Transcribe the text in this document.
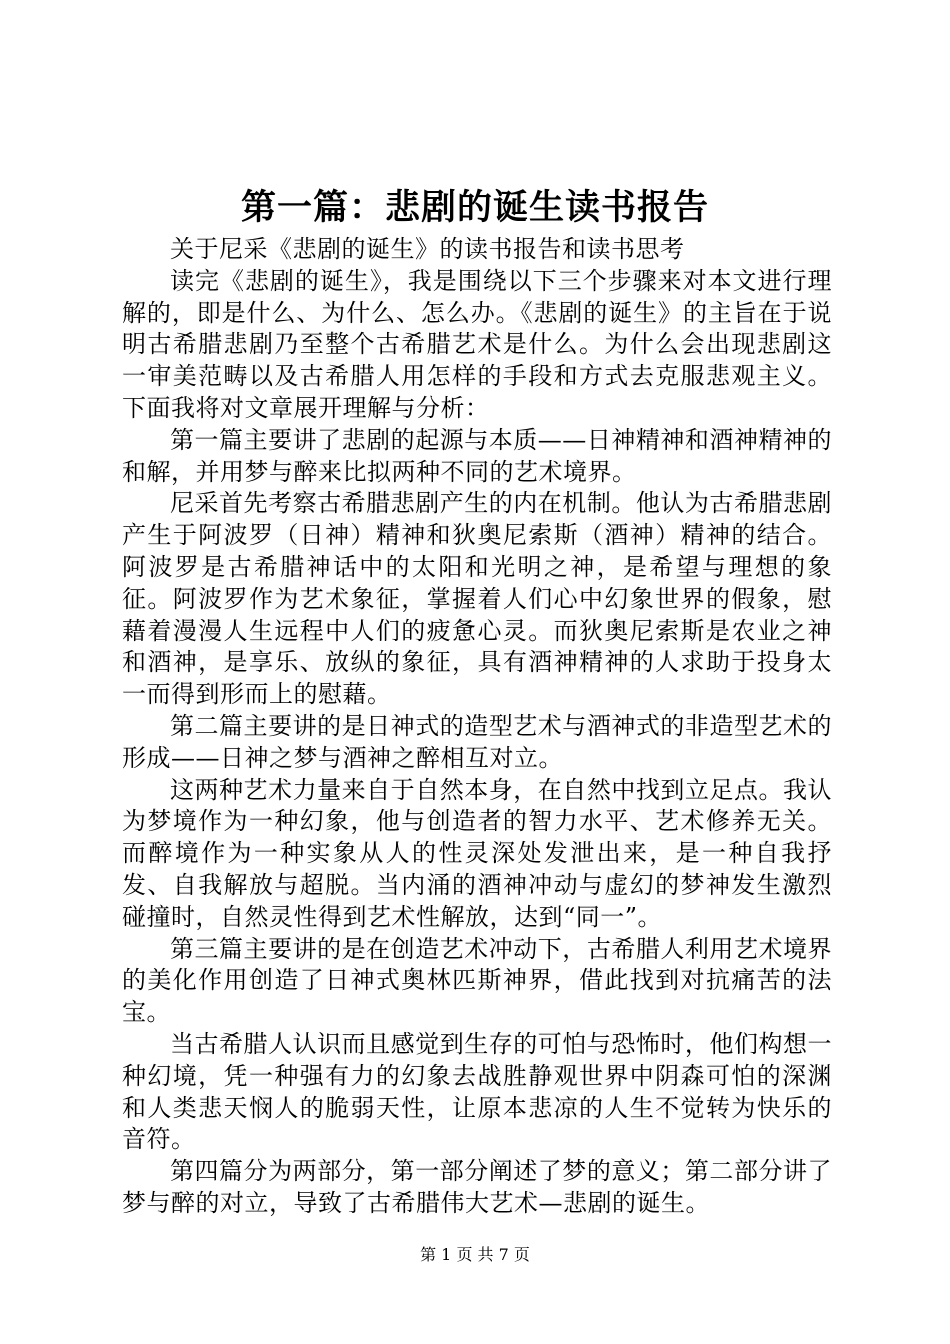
第一篇：悲剧的诞生读书报告

关于尼采《悲剧的诞生》的读书报告和读书思考

读完《悲剧的诞生》，我是围绕以下三个步骤来对本文进行理解的，即是什么、为什么、怎么办。《悲剧的诞生》的主旨在于说明古希腊悲剧乃至整个古希腊艺术是什么。为什么会出现悲剧这一审美范畴以及古希腊人用怎样的手段和方式去克服悲观主义。下面我将对文章展开理解与分析：

第一篇主要讲了悲剧的起源与本质——日神精神和酒神精神的和解，并用梦与醉来比拟两种不同的艺术境界。

尼采首先考察古希腊悲剧产生的内在机制。他认为古希腊悲剧产生于阿波罗（日神）精神和狄奥尼索斯（酒神）精神的结合。阿波罗是古希腊神话中的太阳和光明之神，是希望与理想的象征。阿波罗作为艺术象征，掌握着人们心中幻象世界的假象，慰藉着漫漫人生远程中人们的疲惫心灵。而狄奥尼索斯是农业之神和酒神，是享乐、放纵的象征，具有酒神精神的人求助于投身太一而得到形而上的慰藉。

第二篇主要讲的是日神式的造型艺术与酒神式的非造型艺术的形成——日神之梦与酒神之醉相互对立。

这两种艺术力量来自于自然本身，在自然中找到立足点。我认为梦境作为一种幻象，他与创造者的智力水平、艺术修养无关。而醉境作为一种实象从人的性灵深处发泄出来，是一种自我抒发、自我解放与超脱。当内涌的酒神冲动与虚幻的梦神发生激烈碰撞时，自然灵性得到艺术性解放，达到“同一”。

第三篇主要讲的是在创造艺术冲动下，古希腊人利用艺术境界的美化作用创造了日神式奥林匹斯神界，借此找到对抗痛苦的法宝。

当古希腊人认识而且感觉到生存的可怕与恐怖时，他们构想一种幻境，凭一种强有力的幻象去战胜静观世界中阴森可怕的深渊和人类悲天悯人的脆弱天性，让原本悲凉的人生不觉转为快乐的音符。

第四篇分为两部分，第一部分阐述了梦的意义；第二部分讲了梦与醉的对立，导致了古希腊伟大艺术—悲剧的诞生。

第 1 页 共 7 页
